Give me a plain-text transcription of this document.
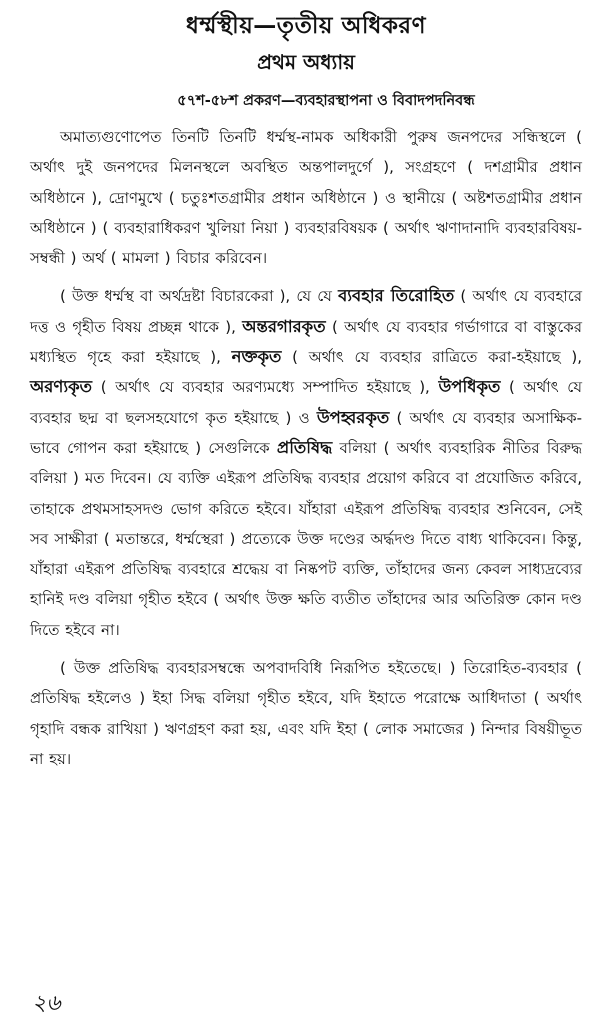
ধর্ম্মস্থীয়—তৃতীয় অধিকরণ
প্রথম অধ্যায়
৫৭শ-৫৮শ প্রকরণ—ব্যবহারস্থাপনা ও বিবাদপদনিবন্ধ

অমাত্যগুণোপেত তিনটি তিনটি ধর্ম্মস্থ-নামক অধিকারী পুরুষ জনপদের সন্ধিস্থলে ( অর্থাৎ দুই জনপদের মিলনস্থলে অবস্থিত অন্তপালদুর্গে ), সংগ্রহণে ( দশগ্রামীর প্রধান অধিষ্ঠানে ), দ্রোণমুখে ( চতুঃশতগ্রামীর প্রধান অধিষ্ঠানে ) ও স্থানীয়ে ( অষ্টশতগ্রামীর প্রধান অধিষ্ঠানে ) ( ব্যবহারাধিকরণ খুলিয়া নিয়া ) ব্যবহারবিষয়ক ( অর্থাৎ ঋণাদানাদি ব্যবহারবিষয়-সম্বন্ধী ) অর্থ ( মামলা ) বিচার করিবেন।

( উক্ত ধর্ম্মস্থ বা অর্থদ্রষ্টা বিচারকেরা ), যে যে ব্যবহার তিরোহিত ( অর্থাৎ যে ব্যবহারে দত্ত ও গৃহীত বিষয় প্রচ্ছন্ন থাকে ), অন্তরগারকৃত ( অর্থাৎ যে ব্যবহার গর্ভাগারে বা বাস্তুকের মধ্যস্থিত গৃহে করা হইয়াছে ), নক্তকৃত ( অর্থাৎ যে ব্যবহার রাত্রিতে করা-হইয়াছে ), অরণ্যকৃত ( অর্থাৎ যে ব্যবহার অরণ্যমধ্যে সম্পাদিত হইয়াছে ), উপধিকৃত ( অর্থাৎ যে ব্যবহার ছদ্ম বা ছলসহযোগে কৃত হইয়াছে ) ও উপহ্বরকৃত ( অর্থাৎ যে ব্যবহার অসাক্ষিক-ভাবে গোপন করা হইয়াছে ) সেগুলিকে প্রতিষিদ্ধ বলিয়া ( অর্থাৎ ব্যবহারিক নীতির বিরুদ্ধ বলিয়া ) মত দিবেন। যে ব্যক্তি এইরূপ প্রতিষিদ্ধ ব্যবহার প্রয়োগ করিবে বা প্রযোজিত করিবে, তাহাকে প্রথমসাহসদণ্ড ভোগ করিতে হইবে। যাঁহারা এইরূপ প্রতিষিদ্ধ ব্যবহার শুনিবেন, সেই সব সাক্ষীরা ( মতান্তরে, ধর্ম্মস্থেরা ) প্রত্যেকে উক্ত দণ্ডের অর্দ্ধদণ্ড দিতে বাধ্য থাকিবেন। কিন্তু, যাঁহারা এইরূপ প্রতিষিদ্ধ ব্যবহারে শ্রদ্ধেয় বা নিষ্কপট ব্যক্তি, তাঁহাদের জন্য কেবল সাধ্যদ্রব্যের হানিই দণ্ড বলিয়া গৃহীত হইবে ( অর্থাৎ উক্ত ক্ষতি ব্যতীত তাঁহাদের আর অতিরিক্ত কোন দণ্ড দিতে হইবে না।

( উক্ত প্রতিষিদ্ধ ব্যবহারসম্বন্ধে অপবাদবিধি নিরূপিত হইতেছে। ) তিরোহিত-ব্যবহার ( প্রতিষিদ্ধ হইলেও ) ইহা সিদ্ধ বলিয়া গৃহীত হইবে, যদি ইহাতে পরোক্ষে আধিদাতা ( অর্থাৎ গৃহাদি বন্ধক রাখিয়া ) ঋণগ্রহণ করা হয়, এবং যদি ইহা ( লোক সমাজের ) নিন্দার বিষয়ীভূত না হয়।

২৬
